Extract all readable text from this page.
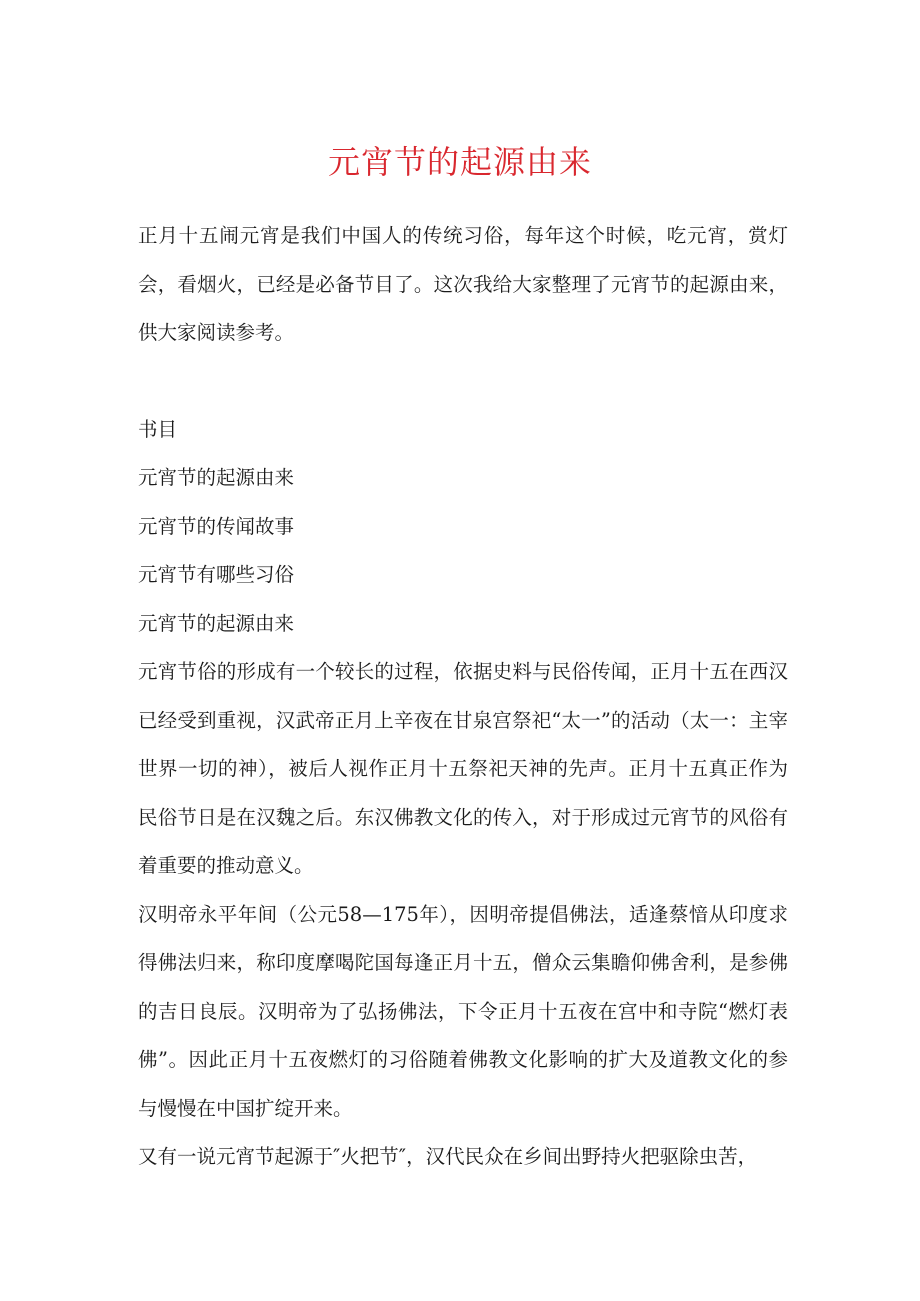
元宵节的起源由来

正月十五闹元宵是我们中国人的传统习俗，每年这个时候，吃元宵，赏灯会，看烟火，已经是必备节目了。这次我给大家整理了元宵节的起源由来，供大家阅读参考。

书目

元宵节的起源由来

元宵节的传闻故事

元宵节有哪些习俗

元宵节的起源由来

元宵节俗的形成有一个较长的过程，依据史料与民俗传闻，正月十五在西汉已经受到重视，汉武帝正月上辛夜在甘泉宫祭祀“太一”的活动（太一：主宰世界一切的神），被后人视作正月十五祭祀天神的先声。正月十五真正作为民俗节日是在汉魏之后。东汉佛教文化的传入，对于形成过元宵节的风俗有着重要的推动意义。

汉明帝永平年间（公元58—175年），因明帝提倡佛法，适逢蔡愔从印度求得佛法归来，称印度摩喝陀国每逢正月十五，僧众云集瞻仰佛舍利，是参佛的吉日良辰。汉明帝为了弘扬佛法，下令正月十五夜在宫中和寺院“燃灯表佛”。因此正月十五夜燃灯的习俗随着佛教文化影响的扩大及道教文化的参与慢慢在中国扩绽开来。

又有一说元宵节起源于″火把节″，汉代民众在乡间出野持火把驱除虫苦，
